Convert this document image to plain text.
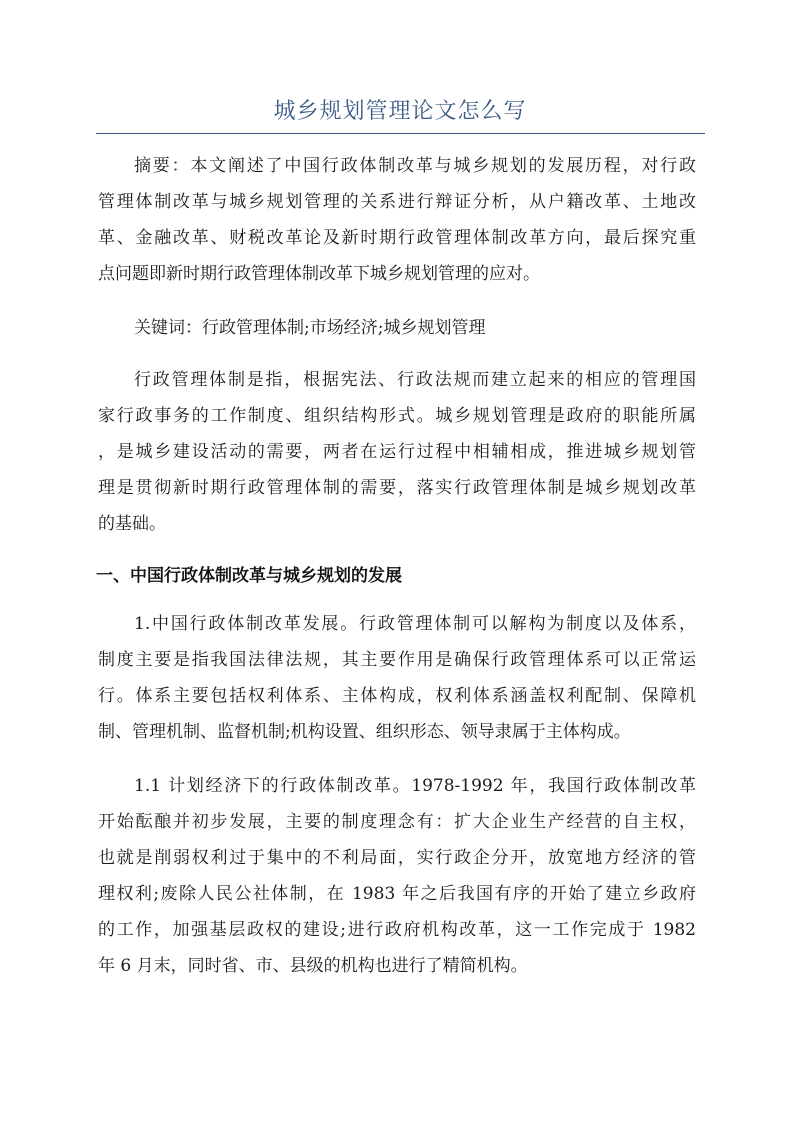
城乡规划管理论文怎么写
摘要：本文阐述了中国行政体制改革与城乡规划的发展历程，对行政
管理体制改革与城乡规划管理的关系进行辩证分析，从户籍改革、土地改
革、金融改革、财税改革论及新时期行政管理体制改革方向，最后探究重
点问题即新时期行政管理体制改革下城乡规划管理的应对。
关键词：行政管理体制;市场经济;城乡规划管理
行政管理体制是指，根据宪法、行政法规而建立起来的相应的管理国
家行政事务的工作制度、组织结构形式。城乡规划管理是政府的职能所属
，是城乡建设活动的需要，两者在运行过程中相辅相成，推进城乡规划管
理是贯彻新时期行政管理体制的需要，落实行政管理体制是城乡规划改革
的基础。
一、中国行政体制改革与城乡规划的发展
1.中国行政体制改革发展。行政管理体制可以解构为制度以及体系，
制度主要是指我国法律法规，其主要作用是确保行政管理体系可以正常运
行。体系主要包括权利体系、主体构成，权利体系涵盖权利配制、保障机
制、管理机制、监督机制;机构设置、组织形态、领导隶属于主体构成。
1.1 计划经济下的行政体制改革。1978-1992 年，我国行政体制改革
开始酝酿并初步发展，主要的制度理念有：扩大企业生产经营的自主权，
也就是削弱权利过于集中的不利局面，实行政企分开，放宽地方经济的管
理权利;废除人民公社体制，在 1983 年之后我国有序的开始了建立乡政府
的工作，加强基层政权的建设;进行政府机构改革，这一工作完成于 1982
年 6 月末，同时省、市、县级的机构也进行了精简机构。
